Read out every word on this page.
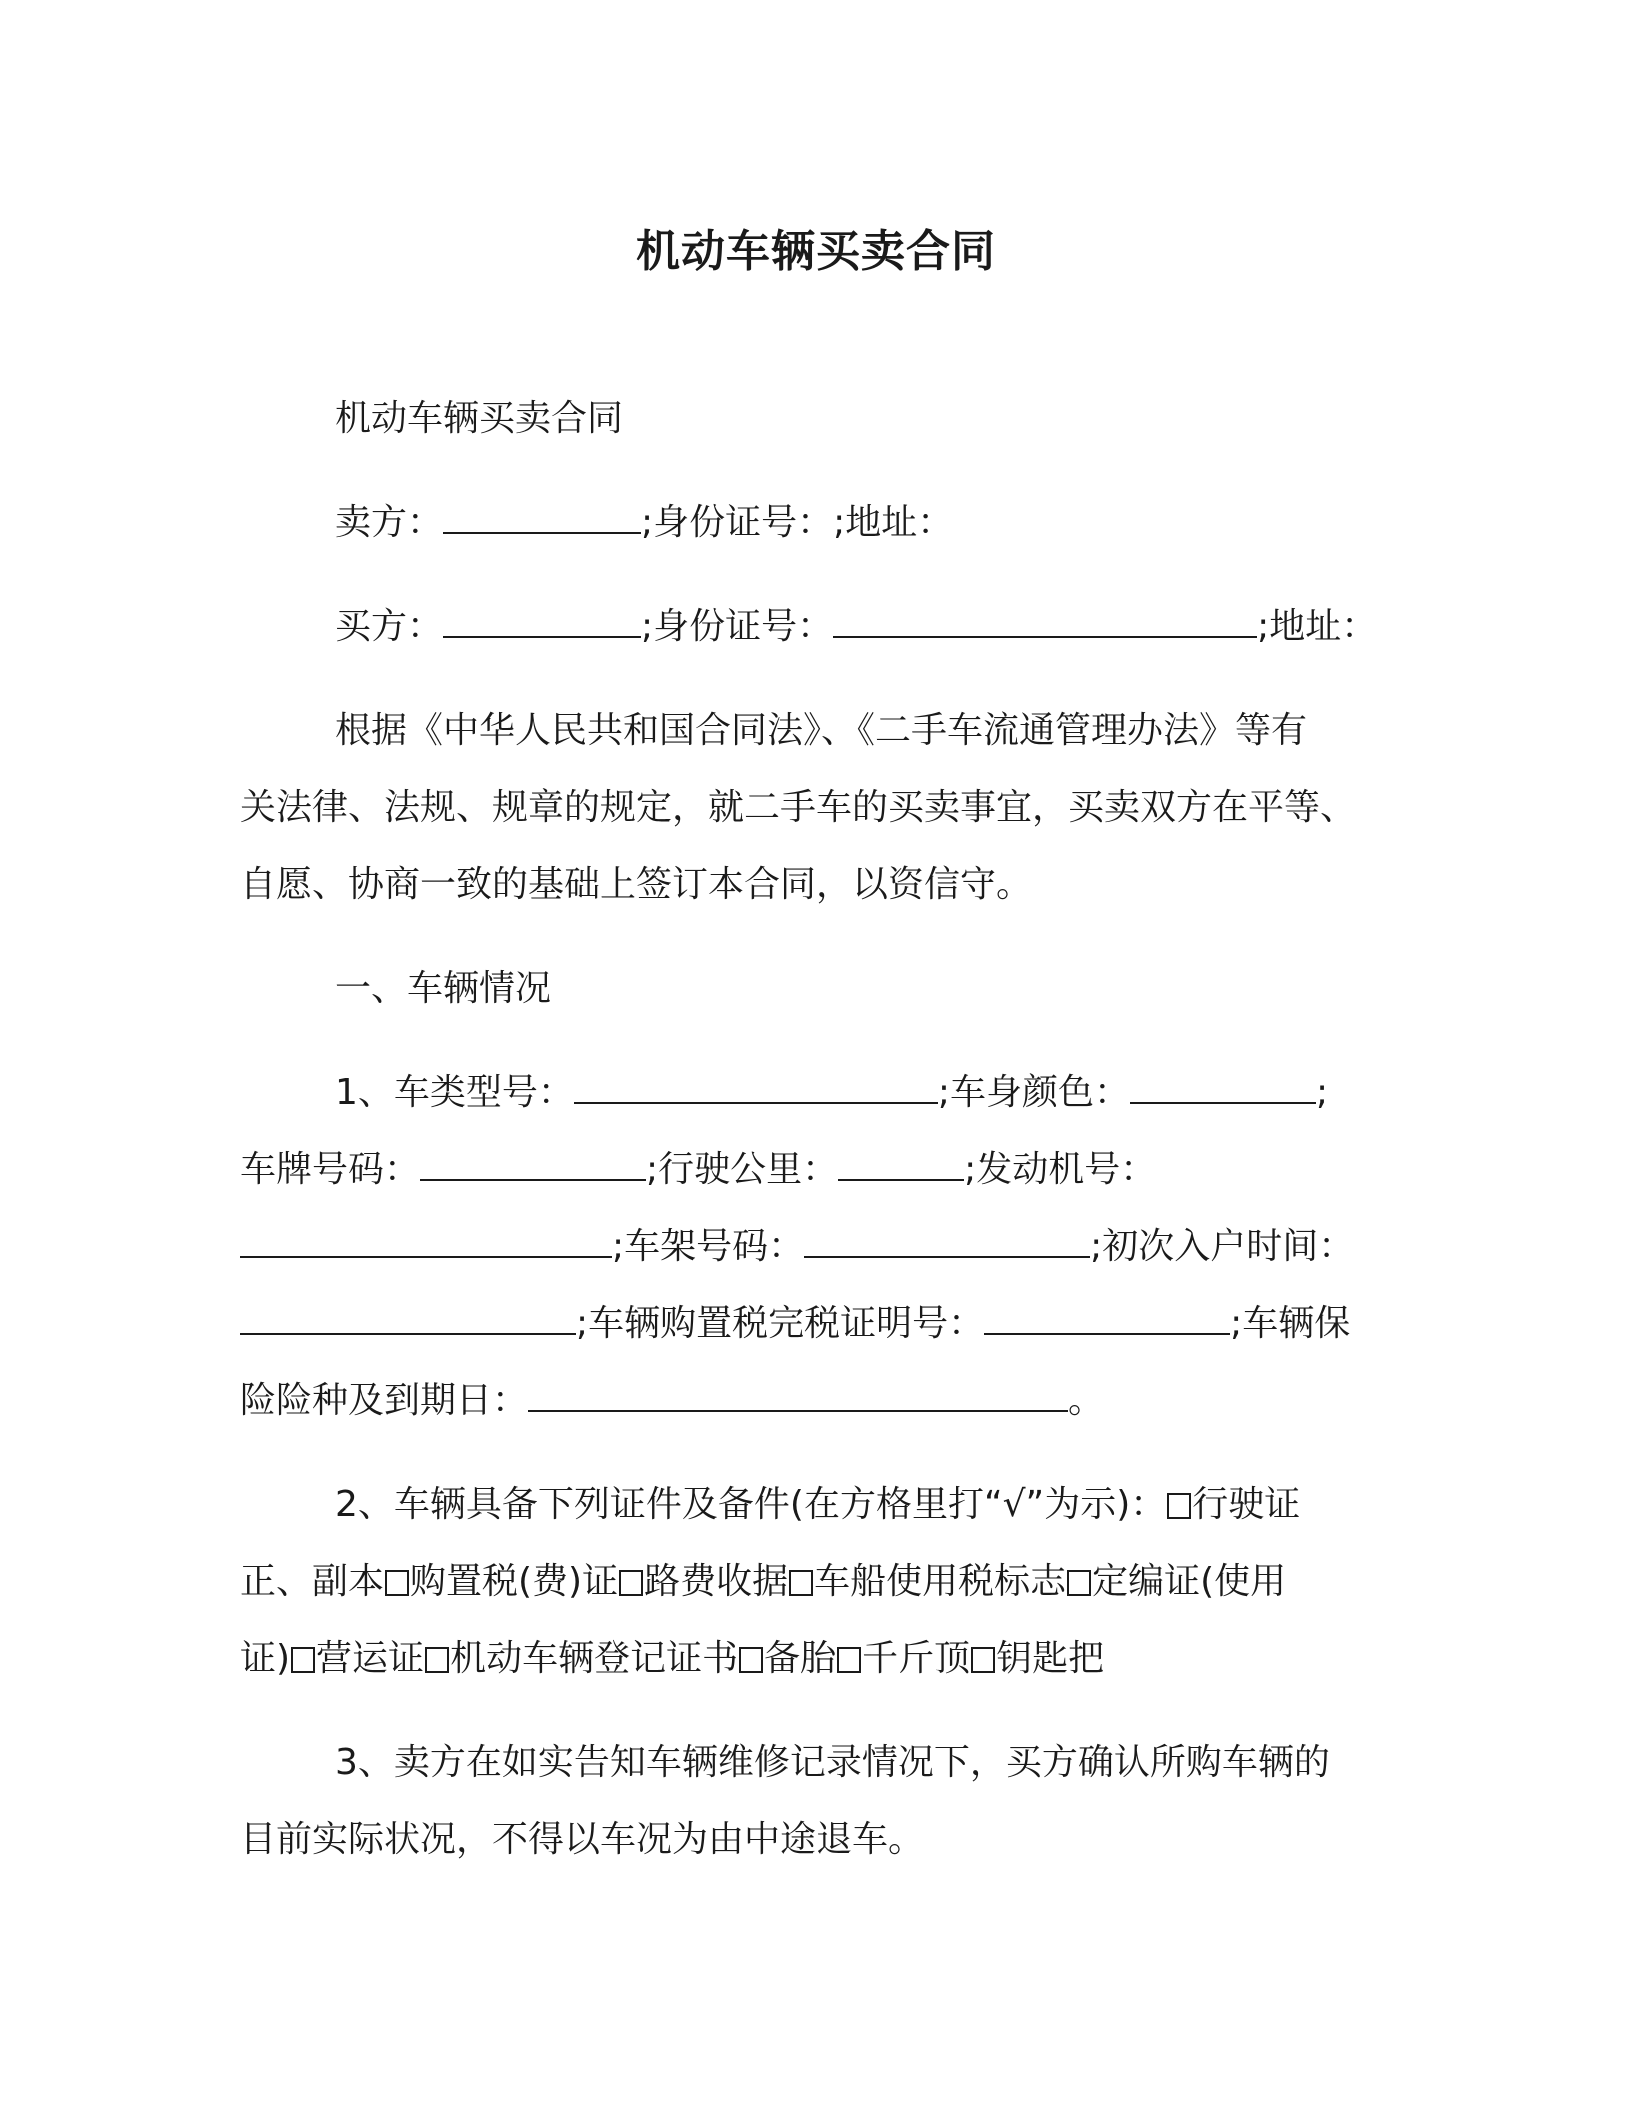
机动车辆买卖合同
机动车辆买卖合同
卖方：	;身份证号：;地址：
买方：	;身份证号：	;地址：
根据《中华人民共和国合同法》、《二手车流通管理办法》等有
关法律、法规、规章的规定，就二手车的买卖事宜，买卖双方在平等、
自愿、协商一致的基础上签订本合同，以资信守。
一、车辆情况
1、车类型号：	;车身颜色：	;
车牌号码：	;行驶公里：	;发动机号：
;车架号码：	;初次入户时间：
;车辆购置税完税证明号：	;车辆保
险险种及到期日：	。
2、车辆具备下列证件及备件(在方格里打“√”为示)： 行驶证
正、副本 购置税(费)证 路费收据 车船使用税标志 定编证(使用
证) 营运证 机动车辆登记证书 备胎 千斤顶 钥匙把
3、卖方在如实告知车辆维修记录情况下，买方确认所购车辆的
目前实际状况，不得以车况为由中途退车。
